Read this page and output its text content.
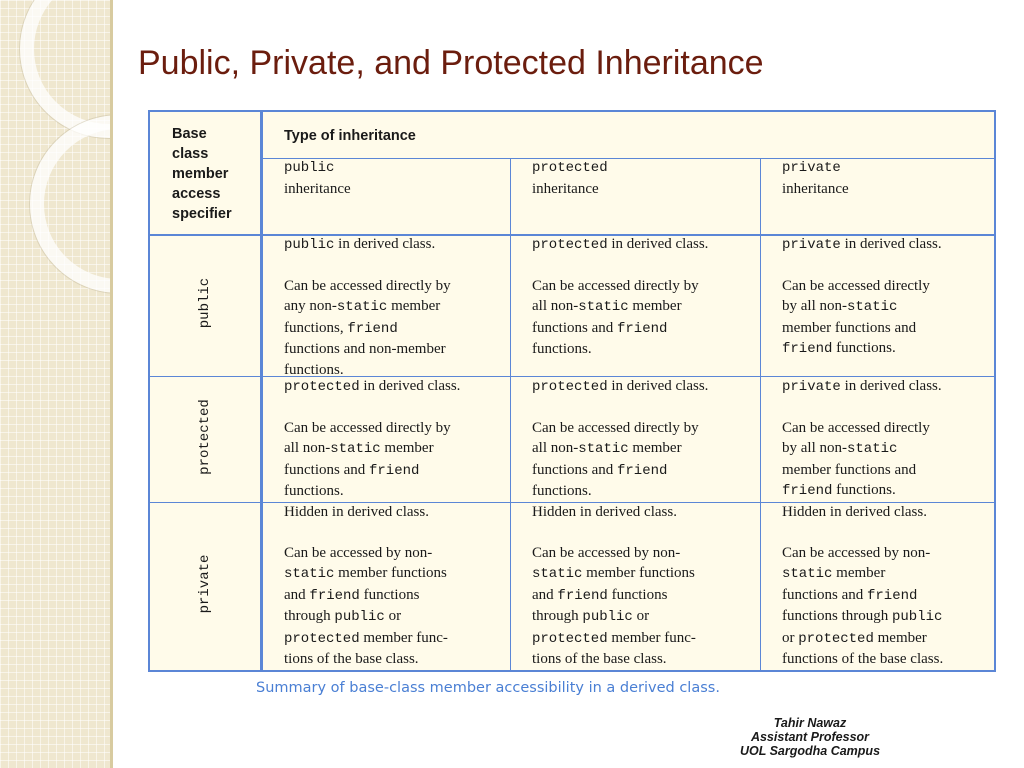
Public, Private, and Protected Inheritance
Base
class
member
access
specifier
Type of inheritance
public
inheritance
protected
inheritance
private
inheritance
public
protected
private
public in derived class.
Can be accessed directly by
any non-static member
functions, friend
functions and non-member
functions.
protected in derived class.
Can be accessed directly by
all non-static member
functions and friend
functions.
private in derived class.
Can be accessed directly
by all non-static
member functions and
friend functions.
protected in derived class.
Can be accessed directly by
all non-static member
functions and friend
functions.
protected in derived class.
Can be accessed directly by
all non-static member
functions and friend
functions.
private in derived class.
Can be accessed directly
by all non-static
member functions and
friend functions.
Hidden in derived class.
Can be accessed by non-
static member functions
and friend functions
through public or
protected member func-
tions of the base class.
Hidden in derived class.
Can be accessed by non-
static member functions
and friend functions
through public or
protected member func-
tions of the base class.
Hidden in derived class.
Can be accessed by non-
static member
functions and friend
functions through public
or protected member
functions of the base class.
Summary of base-class member accessibility in a derived class.
Tahir Nawaz
Assistant Professor
UOL Sargodha Campus
